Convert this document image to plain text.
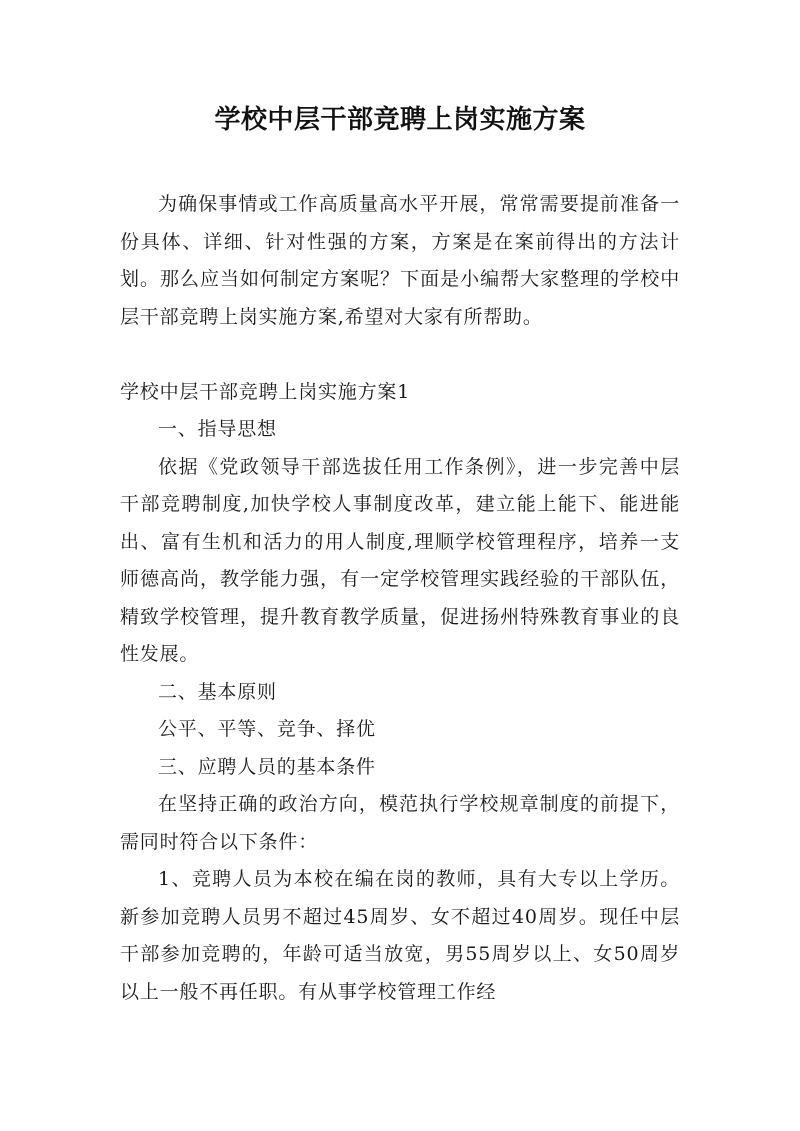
学校中层干部竞聘上岗实施方案

为确保事情或工作高质量高水平开展，常常需要提前准备一份具体、详细、针对性强的方案，方案是在案前得出的方法计划。那么应当如何制定方案呢？下面是小编帮大家整理的学校中层干部竞聘上岗实施方案,希望对大家有所帮助。

学校中层干部竞聘上岗实施方案1

一、指导思想

依据《党政领导干部选拔任用工作条例》，进一步完善中层干部竞聘制度,加快学校人事制度改革，建立能上能下、能进能出、富有生机和活力的用人制度,理顺学校管理程序，培养一支师德高尚，教学能力强，有一定学校管理实践经验的干部队伍，精致学校管理，提升教育教学质量，促进扬州特殊教育事业的良性发展。

二、基本原则

公平、平等、竞争、择优

三、应聘人员的基本条件

在坚持正确的政治方向，模范执行学校规章制度的前提下，需同时符合以下条件：

1、竞聘人员为本校在编在岗的教师，具有大专以上学历。新参加竞聘人员男不超过45周岁、女不超过40周岁。现任中层干部参加竞聘的，年龄可适当放宽，男55周岁以上、女50周岁以上一般不再任职。有从事学校管理工作经
